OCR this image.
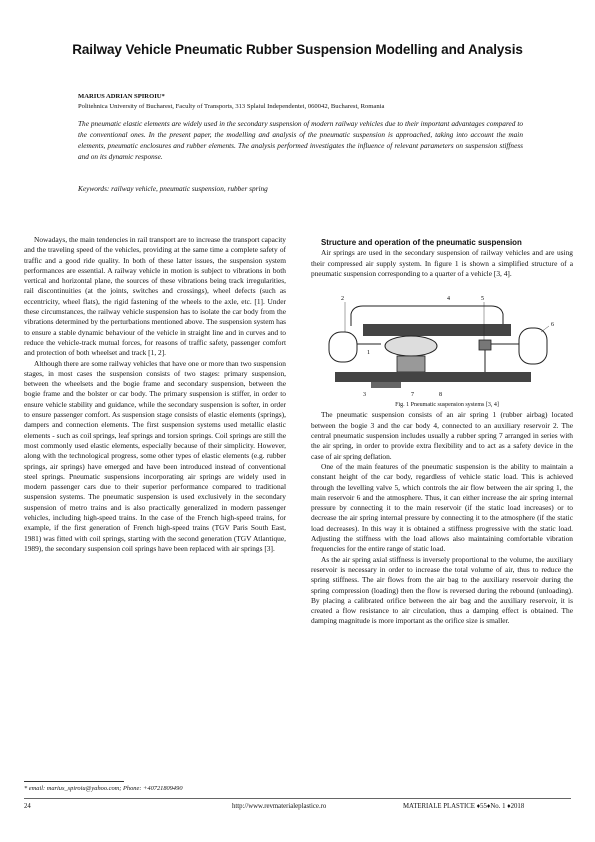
Railway Vehicle Pneumatic Rubber Suspension Modelling and Analysis
MARIUS ADRIAN SPIROIU*
Politehnica University of Bucharest, Faculty of Transports, 313 Splaiul Independentei, 060042, Bucharest, Romania

The pneumatic elastic elements are widely used in the secondary suspension of modern railway vehicles due to their important advantages compared to the conventional ones. In the present paper, the modelling and analysis of the pneumatic suspension is approached, taking into account the main elements, pneumatic enclosures and rubber elements. The analysis performed investigates the influence of relevant parameters on suspension stiffness and on its dynamic response.

Keywords: railway vehicle, pneumatic suspension, rubber spring

Nowadays, the main tendencies in rail transport are to increase the transport capacity and the traveling speed of the vehicles, providing at the same time a complete safety of traffic and a good ride quality. In both of these latter issues, the suspension system performances are essential. A railway vehicle in motion is subject to vibrations in both vertical and horizontal plane, the sources of these vibrations being track irregularities, rail discontinuities (at the joints, switches and crossings), wheel defects (such as eccentricity, wheel flats), the rigid fastening of the wheels to the axle, etc. [1]. Under these circumstances, the railway vehicle suspension has to isolate the car body from the vibrations determined by the perturbations mentioned above. The suspension system has to ensure a stable dynamic behaviour of the vehicle in straight line and in curves and to reduce the vehicle-track mutual forces, for reasons of traffic safety, passenger comfort and protection of both wheelset and track [1, 2].

Although there are some railway vehicles that have one or more than two suspension stages, in most cases the suspension consists of two stages: primary suspension, between the wheelsets and the bogie frame and secondary suspension, between the bogie frame and the bolster or car body. The primary suspension is stiffer, in order to ensure vehicle stability and guidance, while the secondary suspension is softer, in order to ensure passenger comfort. As suspension stage consists of elastic elements (springs), dampers and connection elements. The first suspension systems used metallic elastic elements - such as coil springs, leaf springs and torsion springs. Coil springs are still the most commonly used elastic elements, especially because of their simplicity. However, along with the technological progress, some other types of elastic elements (e.g. rubber springs, air springs) have emerged and have been introduced instead of conventional steel springs. Pneumatic suspensions incorporating air springs are widely used in modern passenger cars due to their superior performance compared to traditional suspension systems. The pneumatic suspension is used exclusively in the secondary suspension of metro trains and is also practically generalized in modern passenger vehicles, including high-speed trains. In the case of the French high-speed trains, for example, if the first generation of French high-speed trains (TGV Paris South East, 1981) was fitted with coil springs, starting with the second generation (TGV Atlantique, 1989), the secondary suspension coil springs have been replaced with air springs [3].

Structure and operation of the pneumatic suspension

Air springs are used in the secondary suspension of railway vehicles and are using their compressed air supply system. In figure 1 is shown a simplified structure of a pneumatic suspension corresponding to a quarter of a vehicle [3, 4].

1
2
3
4	5
6
7	8

Fig. 1 Pneumatic suspension systems [3, 4]

The pneumatic suspension consists of an air spring 1 (rubber airbag) located between the bogie 3 and the car body 4, connected to an auxiliary reservoir 2. The central pneumatic suspension includes usually a rubber spring 7 arranged in series with the air spring, in order to provide extra flexibility and to act as a safety device in the case of air spring deflation.

One of the main features of the pneumatic suspension is the ability to maintain a constant height of the car body, regardless of vehicle static load. This is achieved through the levelling valve 5, which controls the air flow between the air spring 1, the main reservoir 6 and the atmosphere. Thus, it can either increase the air spring internal pressure by connecting it to the main reservoir (if the static load increases) or to decrease the air spring internal pressure by connecting it to the atmosphere (if the static load decreases). In this way it is obtained a stiffness progressive with the static load. Adjusting the stiffness with the load allows also maintaining comfortable vibration frequencies for the entire range of static load.

As the air spring axial stiffness is inversely proportional to the volume, the auxiliary reservoir is necessary in order to increase the total volume of air, thus to reduce the spring stiffness. The air flows from the air bag to the auxiliary reservoir during the spring compression (loading) then the flow is reversed during the rebound (unloading). By placing a calibrated orifice between the air bag and the auxiliary reservoir, it is created a flow resistance to air circulation, thus a damping effect is obtained. The damping magnitude is more important as the orifice size is smaller.

* email: marius_spiroiu@yahoo.com; Phone: +40721809490
24	http://www.revmaterialeplastice.ro	MATERIALE PLASTICE ♦55♦No. 1 ♦2018
